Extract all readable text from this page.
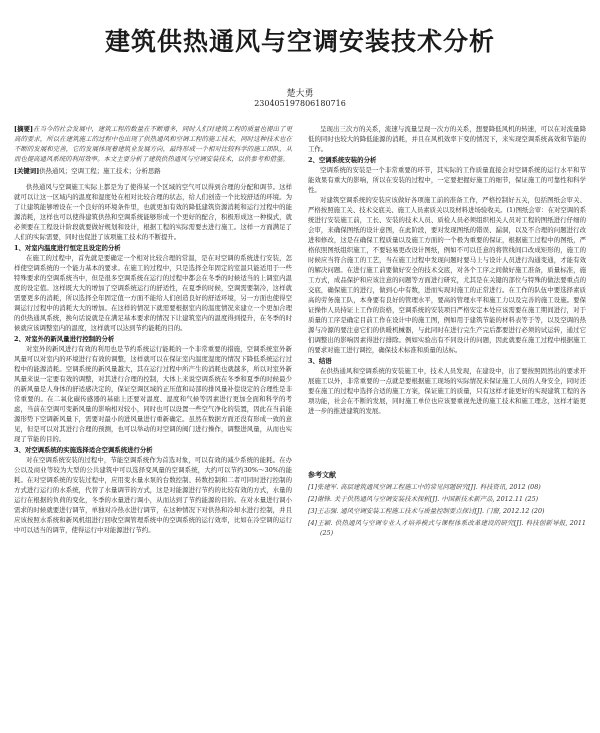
建筑供热通风与空调安装技术分析
楚大勇
230405197806180716

[摘要]在当今的社会发展中，建筑工程的数量在不断增多，同时人们对建筑工程的质量也提出了更高的要求，所以在建筑施工的过程中也出现了供热通风和空调工程的施工技术，同时这种技术也在不断的发展和完善，它的发展体现着建筑业发展方向，最终形成一个相对比较科学的施工团队，从而也提高通风系统的利用效率。本文主要分析了建筑供热通风与空调安装技术，以供参考和借鉴。

[关键词]供热通风；空调工程；施工技术；分析思路

供热通风与空调施工实际上都是为了使得某一个区域的空气可以得到合理的分配和调节。这样就可以让这一区域内的温度和湿度处在相对比较合理的状态，给人们创造一个比较舒适的环境。为了让建筑能够增设在一个良好的环境条件里，也就更加有效的降低建筑资源消耗和运行过程中的能源消耗，这样也可以使得建筑供热和空调系统能够形成一个更好的配合，积极形成这一种模式，就必须要在工程设计阶段就要做好规划和设计，根据工程的实际需要去进行施工。这样一方面满足了人们的实际需要，同时也促进了该项施工技术的不断提升。

1、对室内温度进行恒定且设定的分析

在施工的过程中，首先就是要确定一个相对比较合理的常温，是在对空调的系统进行安装，怎样使空调系统的一个能力基本的要求。在施工的过程中，只是选择全年固定的室温只能适用于一些特殊要求的空调系统当中，但是很多空调系统在运行的过程中都会在冬季的时候适当的上调室内温度的设定值。这样既大大的增加了空调系统运行的舒适性，在夏季的时候，空调需要制冷，这样就需要更多的消耗，所以选择全年固定值一方面不能给人们创造良好的舒适环境，另一方面也使得空调运行过程中的消耗大大的增加。在这样的情况下就需要根据室内的温度情况来建立一个更加合理的供热通风系统，换句话说就是在满足基本要求的情况下让建筑室内的温度得到提升，在冬季的时候就应该调整室内的温度，这样就可以达到节约能耗的目的。

2、对室外的新风量进行控制的分析

对室外的新风进行有效的利用也是节约系统运行能耗的一个非常重要的措施，空调系统室外新风量可以对室内的环境进行有效的调整，这样就可以在保证室内温度湿度的情况下降低系统运行过程中的能源消耗。空调系统的新风量越大，其在运行过程中所产生的消耗也就越多，所以对室外新风量来说一定要有效的调整，对其进行合理的控制，大体上来说空调系统在冬季和夏季的时候最少的新风量是人身体的舒适感决定的，保证空调区域的正压值和局部的排风量补偿设定的合理性是非常重要的。在二氧化碳传感器的基础上还要对温度、湿度和气候等因素进行更加全面和科学的考虑，当前在空调可变新风量的影响相对较小，同时也可以设置一些空气净化的装置，因此在当前能源形势下空调新风量下，需要对最小的进风量进行重新确定。虽然在数据方面还没有形成一致的意见，但是可以对其进行合理的预测，也可以举动的对空调的阀门进行操作，调整进风量，从而也实现了节能的目的。

3、对空调系统的实施选择适合空调系统进行分析

对在空调系统安装的过程中，节能空调系统作为首选对象，可以有效的减少系统的能耗。在办公以及商业等较为大型的公共建筑中可以选择变风量的空调系统，大约可以节约30%～30%的能耗。在对空调系统的安装过程中，应用变水量水泵的台数控制、转数控制和二者可同时进行控制的方式进行运行的水系统，代替了水量调节的方式，这是对能源进行节约的比较有效的方式，水量的运行在根据的负荷的变化，冬季的水量进行调小，从而达到了节约能源的目的。在对水量进行调小需求的时候就要进行调节，单独对冷热水进行调节，在这种情况下对供热和冷却水进行控制，并且应该按照水系统和新风机组进行回收空调管理系统中的空调系统的运行效率，比如在冷空调的运行中可以适当的调节，使得运行中对能源进行节约。

呈现出三次方的关系，流速与流量呈现一次方的关系，想要降低风机的转速，可以在对流量降低的同时也较大的降低能源的消耗，并且在风机效率下变的情况下，来实现空调系统高效和节能的工作。

2、空调系统安装的分析

空调系统的安装是一个非常重要的环节，其实际的工作质量直接会对空调系统的运行水平和节能效果有重大的影响，所以在安装的过程中，一定要把握好施工的细节，保证施工的可靠性和科学性。

对建筑空调系统的安装应该做好各项施工前的准备工作，严格控制好五关，包括图纸会审关、严格按照施工关、技术交底关、施工人员素质关以及材料进场验收关。(1)图纸会审：在对空调的系统进行安装施工前，工长、安装的技术人员、质检人员必须组织相关人员对工程的图纸进行仔细的会审，来确保图纸的设计意图，在此阶段，要对发现图纸的错误、漏洞，以及不合理的问题进行改进和修改，这是在确保工程质量以及施工方面的一个极为重要的保证，根据施工过程中的图纸，严格依照图纸组织施工，不要轻易更改设计图纸，例如不可以任意的将管线间口改成矩形的，施工的时候应当符合施工的工艺，当在施工过程中发现问题时要马上与设计人员进行沟通变通，才能有效的解决问题。在进行施工前要做好安全的技术交底，对各个工序之间做好施工准备，质量标准，施工方式，成品保护和应该注意的问题等方面进行研究，尤其是在关键的部位与特殊的做法要重点的交底，确保施工的进行，做到心中有数，进而实现对施工的正常进行。在工作的队伍中要选择素质高的劳务施工队，本身要有良好的管理水平，要高的管理水平和施工力以及完善的施工设施。要保证操作人员持证上工作的资格，空调系统的安装项目严格安定本处应该需要在施工期间进行，对于质量的工序是确定目前工作在设计中的施工图，例如用于建筑节能的材料表等于等，以及空调的热源与冷源的要注意它们的供暖机械器，与此同时在进行完生产完后都要进行必须的试运转，通过它们调整出的影响因素得进行排除。例如实验出有不同设计的问题，因此就要在施工过程中根据施工的要求对施工进行调控，确保技术标准和质量的达标。

3、结语

在供热通风和空调系统的安装施工中，技术人员发现，在建设中，出了要按照固然出的要求开展施工以外，非常重要的一点就是要根据施工现场的实际情况来保证施工人员的人身安全，同时还要在施工的过程中选择合适的施工方案，保证施工的质量，只有这样才能更好的实现建筑工程的各项功能，社会在不断的发展，同时施工单位也应该要重视先进的施工技术和施工理念，这样才能更进一步的推进建筑的发展。

参考文献

[1]张建军. 高层建筑通风空调工程施工中的常见问题研究[J]. 科技资讯, 2012 (08)

[2]谢锋. 关于供热通风与空调安装技术探析[J]. 中国新技术新产品, 2012.11 (25)

[3]王志强. 通风空调安装工程施工技术与质量控制要点探讨[J]. 门窗, 2012.12 (20)

[4]王颖. 供热通风与空调专业人才培养模式与课程体系改革建设的研究[J]. 科技创新导报, 2011 (25)
